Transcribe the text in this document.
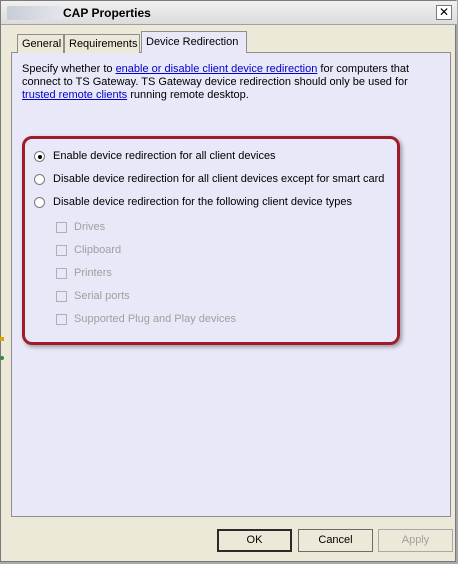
CAP Properties	✕
General Requirements Device Redirection
Specify whether to enable or disable client device redirection for computers that connect to TS Gateway. TS Gateway device redirection should only be used for trusted remote clients running remote desktop.
Enable device redirection for all client devices
Disable device redirection for all client devices except for smart card
Disable device redirection for the following client device types
Drives
Clipboard
Printers
Serial ports
Supported Plug and Play devices
OK	Cancel	Apply
